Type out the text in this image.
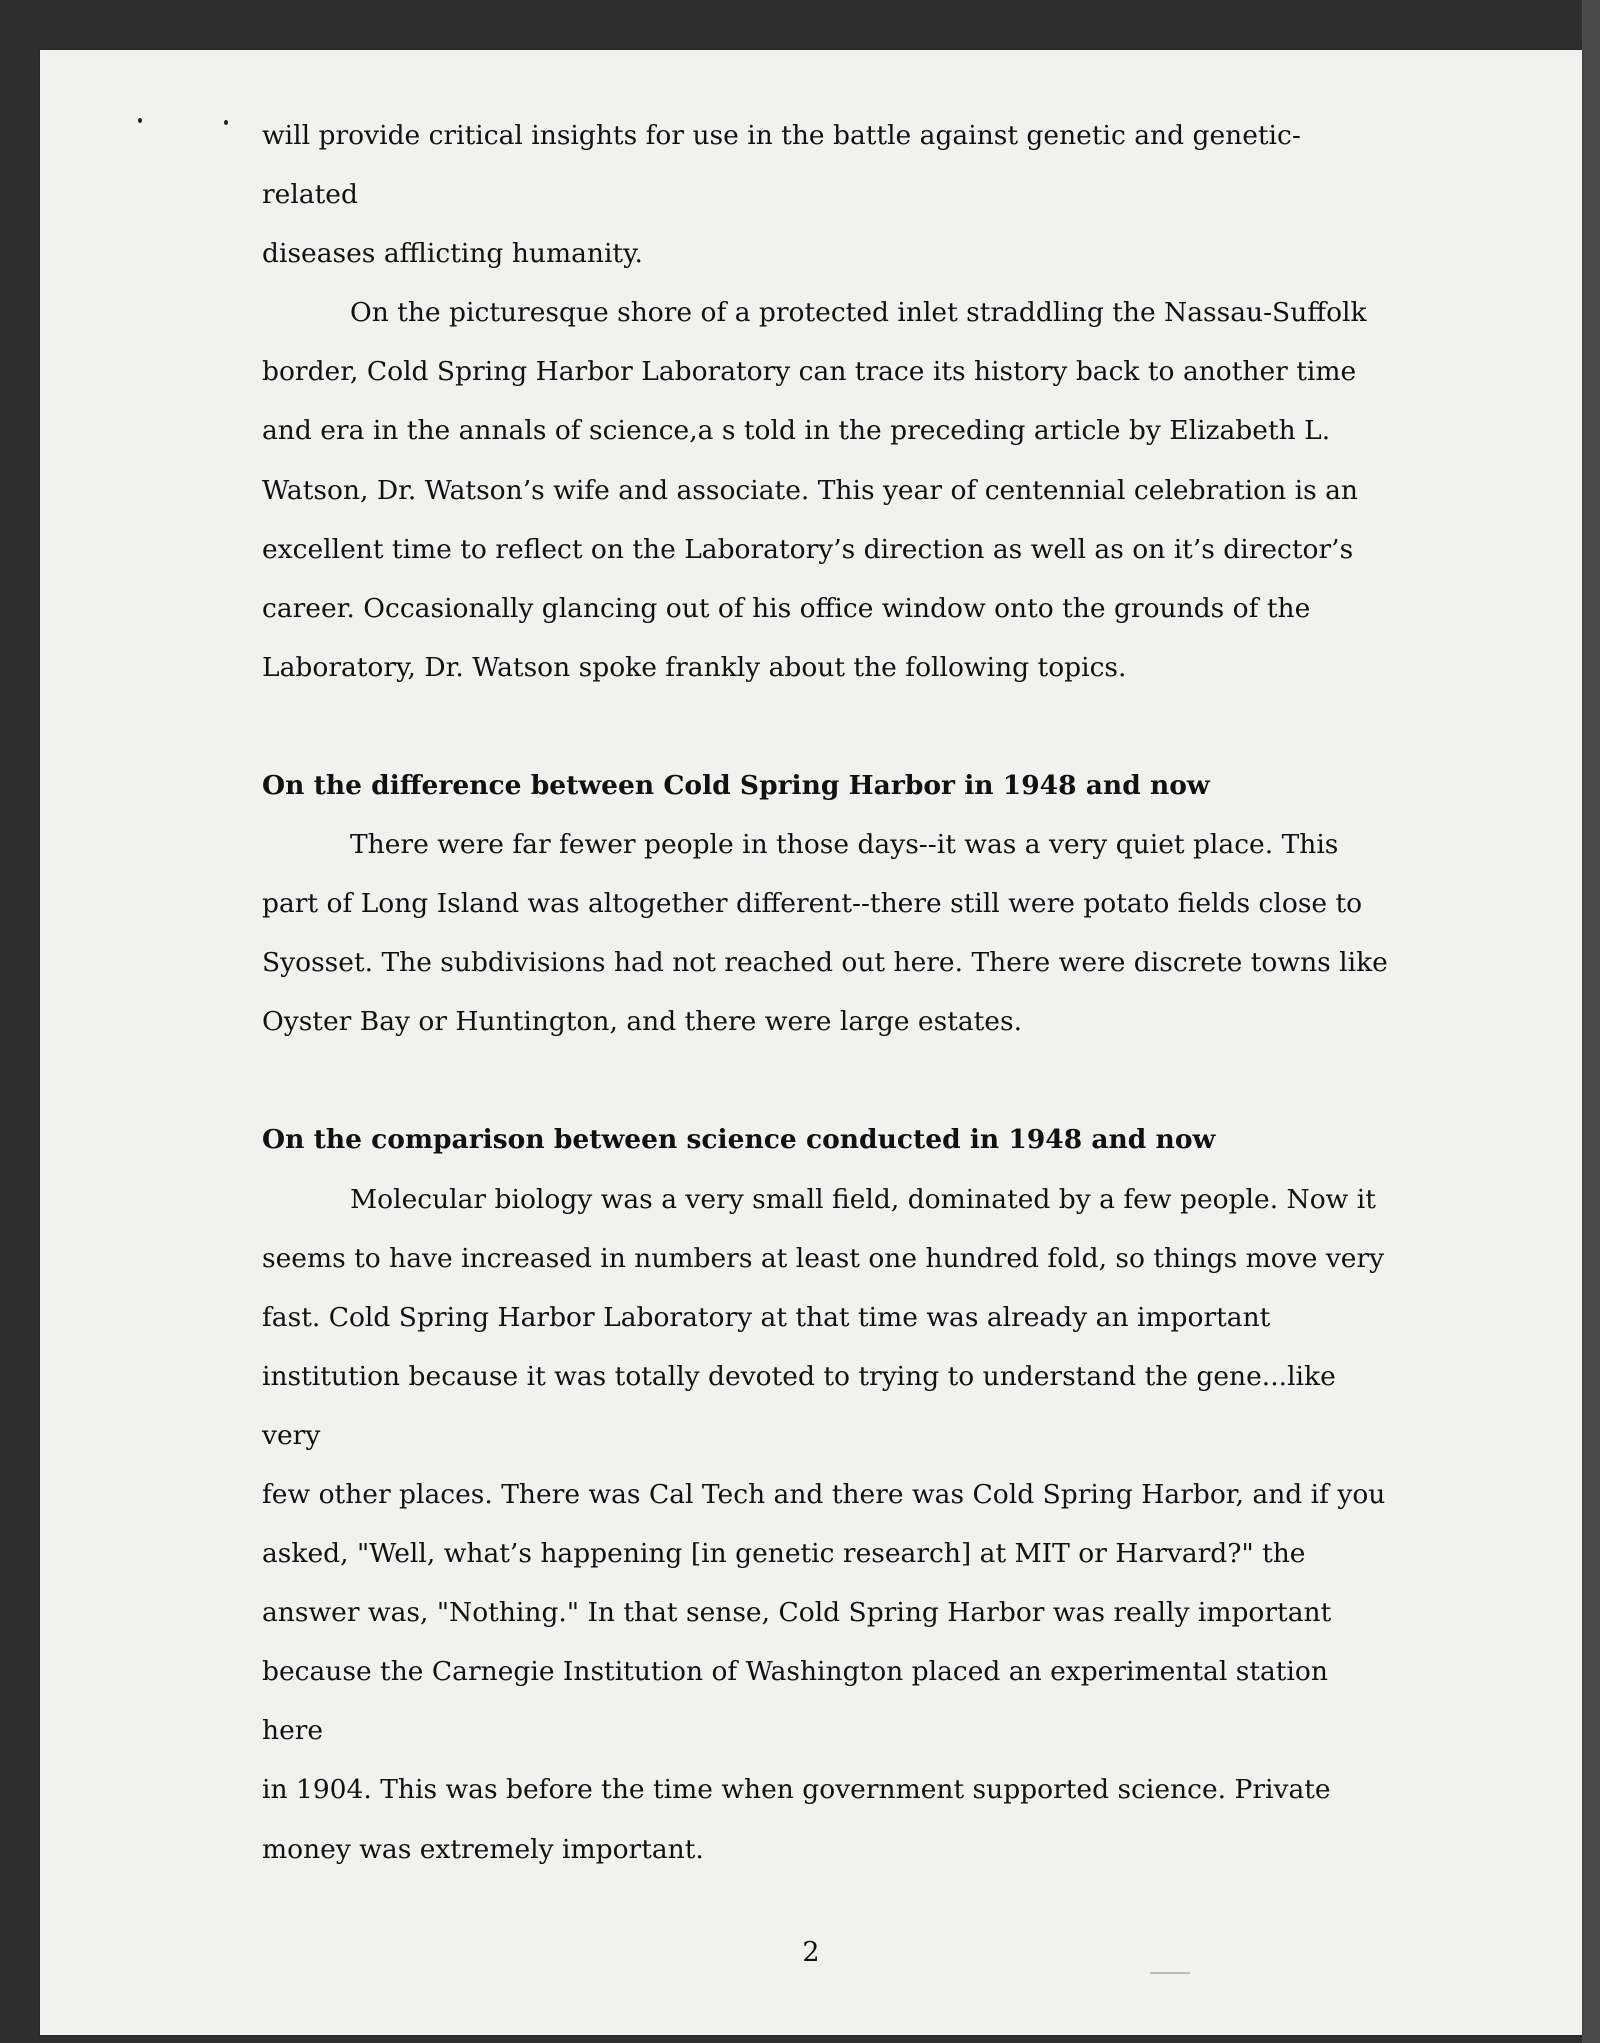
will provide critical insights for use in the battle against genetic and genetic-related
diseases afflicting humanity.

On the picturesque shore of a protected inlet straddling the Nassau-Suffolk
border, Cold Spring Harbor Laboratory can trace its history back to another time
and era in the annals of science,a s told in the preceding article by Elizabeth L.
Watson, Dr. Watson’s wife and associate. This year of centennial celebration is an
excellent time to reflect on the Laboratory’s direction as well as on it’s director’s
career. Occasionally glancing out of his office window onto the grounds of the
Laboratory, Dr. Watson spoke frankly about the following topics.

On the difference between Cold Spring Harbor in 1948 and now

There were far fewer people in those days--it was a very quiet place. This
part of Long Island was altogether different--there still were potato fields close to
Syosset. The subdivisions had not reached out here. There were discrete towns like
Oyster Bay or Huntington, and there were large estates.

On the comparison between science conducted in 1948 and now

Molecular biology was a very small field, dominated by a few people. Now it
seems to have increased in numbers at least one hundred fold, so things move very
fast. Cold Spring Harbor Laboratory at that time was already an important
institution because it was totally devoted to trying to understand the gene...like very
few other places. There was Cal Tech and there was Cold Spring Harbor, and if you
asked, "Well, what’s happening [in genetic research] at MIT or Harvard?" the
answer was, "Nothing." In that sense, Cold Spring Harbor was really important
because the Carnegie Institution of Washington placed an experimental station here
in 1904. This was before the time when government supported science. Private
money was extremely important.

2
